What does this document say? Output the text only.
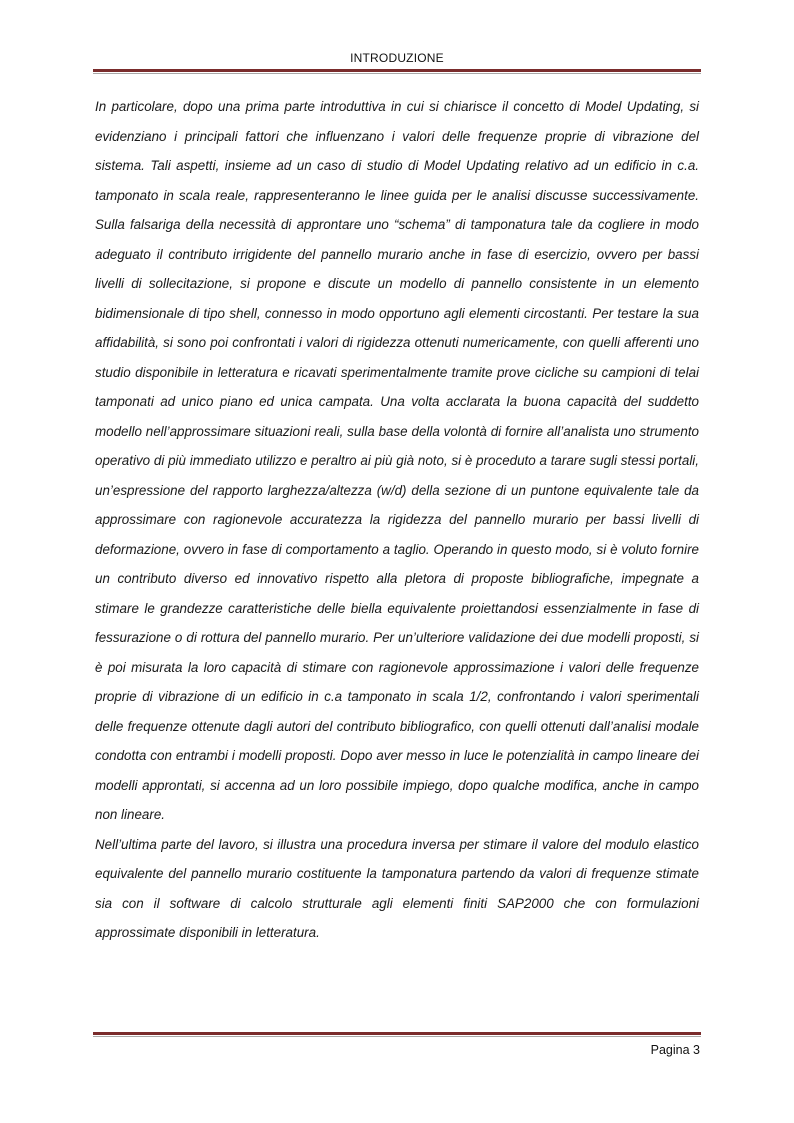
INTRODUZIONE

In particolare, dopo una prima parte introduttiva in cui si chiarisce il concetto di Model Updating, si evidenziano i principali fattori che influenzano i valori delle frequenze proprie di vibrazione del sistema. Tali aspetti, insieme ad un caso di studio di Model Updating relativo ad un edificio in c.a. tamponato in scala reale, rappresenteranno le linee guida per le analisi discusse successivamente. Sulla falsariga della necessità di approntare uno “schema” di tamponatura tale da cogliere in modo adeguato il contributo irrigidente del pannello murario anche in fase di esercizio, ovvero per bassi livelli di sollecitazione, si propone e discute un modello di pannello consistente in un elemento bidimensionale di tipo shell, connesso in modo opportuno agli elementi circostanti. Per testare la sua affidabilità, si sono poi confrontati i valori di rigidezza ottenuti numericamente, con quelli afferenti uno studio disponibile in letteratura e ricavati sperimentalmente tramite prove cicliche su campioni di telai tamponati ad unico piano ed unica campata. Una volta acclarata la buona capacità del suddetto modello nell’approssimare situazioni reali, sulla base della volontà di fornire all’analista uno strumento operativo di più immediato utilizzo e peraltro ai più già noto, si è proceduto a tarare sugli stessi portali, un’espressione del rapporto larghezza/altezza (w/d) della sezione di un puntone equivalente tale da approssimare con ragionevole accuratezza la rigidezza del pannello murario per bassi livelli di deformazione, ovvero in fase di comportamento a taglio. Operando in questo modo, si è voluto fornire un contributo diverso ed innovativo rispetto alla pletora di proposte bibliografiche, impegnate a stimare le grandezze caratteristiche delle biella equivalente proiettandosi essenzialmente in fase di fessurazione o di rottura del pannello murario. Per un’ulteriore validazione dei due modelli proposti, si è poi misurata la loro capacità di stimare con ragionevole approssimazione i valori delle frequenze proprie di vibrazione di un edificio in c.a tamponato in scala 1/2, confrontando i valori sperimentali delle frequenze ottenute dagli autori del contributo bibliografico, con quelli ottenuti dall’analisi modale condotta con entrambi i modelli proposti. Dopo aver messo in luce le potenzialità in campo lineare dei modelli approntati, si accenna ad un loro possibile impiego, dopo qualche modifica, anche in campo non lineare.

Nell’ultima parte del lavoro, si illustra una procedura inversa per stimare il valore del modulo elastico equivalente del pannello murario costituente la tamponatura partendo da valori di frequenze stimate sia con il software di calcolo strutturale agli elementi finiti SAP2000 che con formulazioni approssimate disponibili in letteratura.

Pagina 3
